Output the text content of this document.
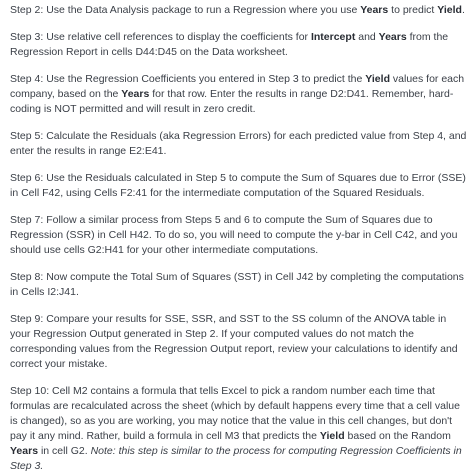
Step 2: Use the Data Analysis package to run a Regression where you use Years to predict Yield.

Step 3: Use relative cell references to display the coefficients for Intercept and Years from the Regression Report in cells D44:D45 on the Data worksheet.

Step 4: Use the Regression Coefficients you entered in Step 3 to predict the Yield values for each company, based on the Years for that row. Enter the results in range D2:D41. Remember, hard-coding is NOT permitted and will result in zero credit.

Step 5: Calculate the Residuals (aka Regression Errors) for each predicted value from Step 4, and enter the results in range E2:E41.

Step 6: Use the Residuals calculated in Step 5 to compute the Sum of Squares due to Error (SSE) in Cell F42, using Cells F2:41 for the intermediate computation of the Squared Residuals.

Step 7: Follow a similar process from Steps 5 and 6 to compute the Sum of Squares due to Regression (SSR) in Cell H42. To do so, you will need to compute the y-bar in Cell C42, and you should use cells G2:H41 for your other intermediate computations.

Step 8: Now compute the Total Sum of Squares (SST) in Cell J42 by completing the computations in Cells I2:J41.

Step 9: Compare your results for SSE, SSR, and SST to the SS column of the ANOVA table in your Regression Output generated in Step 2. If your computed values do not match the corresponding values from the Regression Output report, review your calculations to identify and correct your mistake.

Step 10: Cell M2 contains a formula that tells Excel to pick a random number each time that formulas are recalculated across the sheet (which by default happens every time that a cell value is changed), so as you are working, you may notice that the value in this cell changes, but don't pay it any mind. Rather, build a formula in cell M3 that predicts the Yield based on the Random Years in cell G2. Note: this step is similar to the process for computing Regression Coefficients in Step 3.
